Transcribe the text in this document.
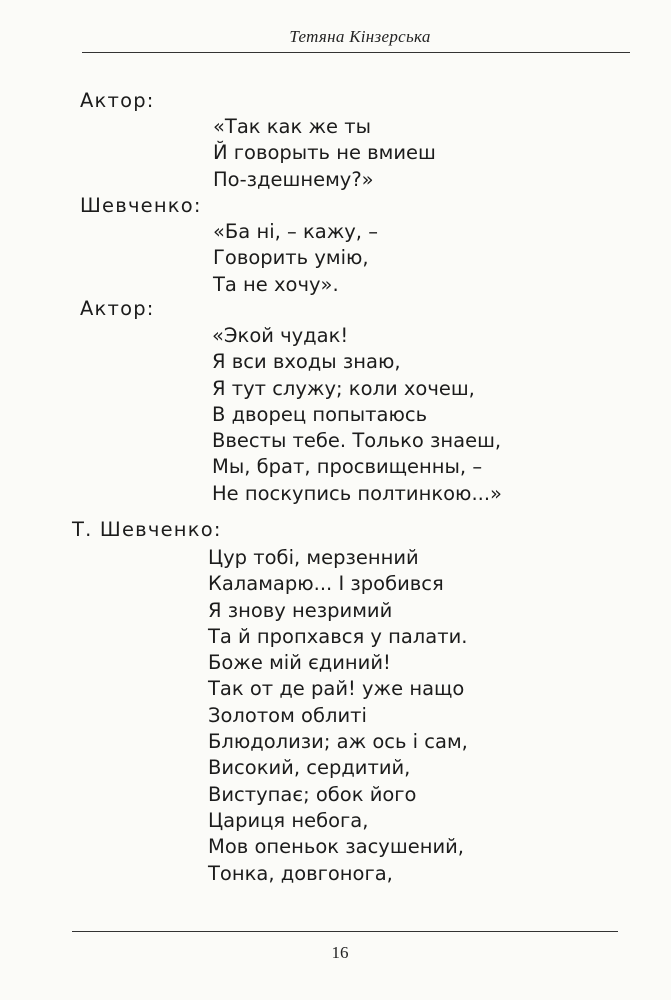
Тетяна Кінзерська
Актор:
«Так как же ты
Й говорыть не вмиеш
По-здешнему?»
Шевченко:
«Ба ні, – кажу, –
Говорить умію,
Та не хочу».
Актор:
«Экой чудак!
Я вси входы знаю,
Я тут служу; коли хочеш,
В дворец попытаюсь
Ввесты тебе. Только знаеш,
Мы, брат, просвищенны, –
Не поскупись полтинкою...»
Т. Шевченко:
Цур тобі, мерзенний
Каламарю... І зробився
Я знову незримий
Та й пропхався у палати.
Боже мій єдиний!
Так от де рай! уже нащо
Золотом облиті
Блюдолизи; аж ось і сам,
Високий, сердитий,
Виступає; обок його
Цариця небога,
Мов опеньок засушений,
Тонка, довгонога,
16
